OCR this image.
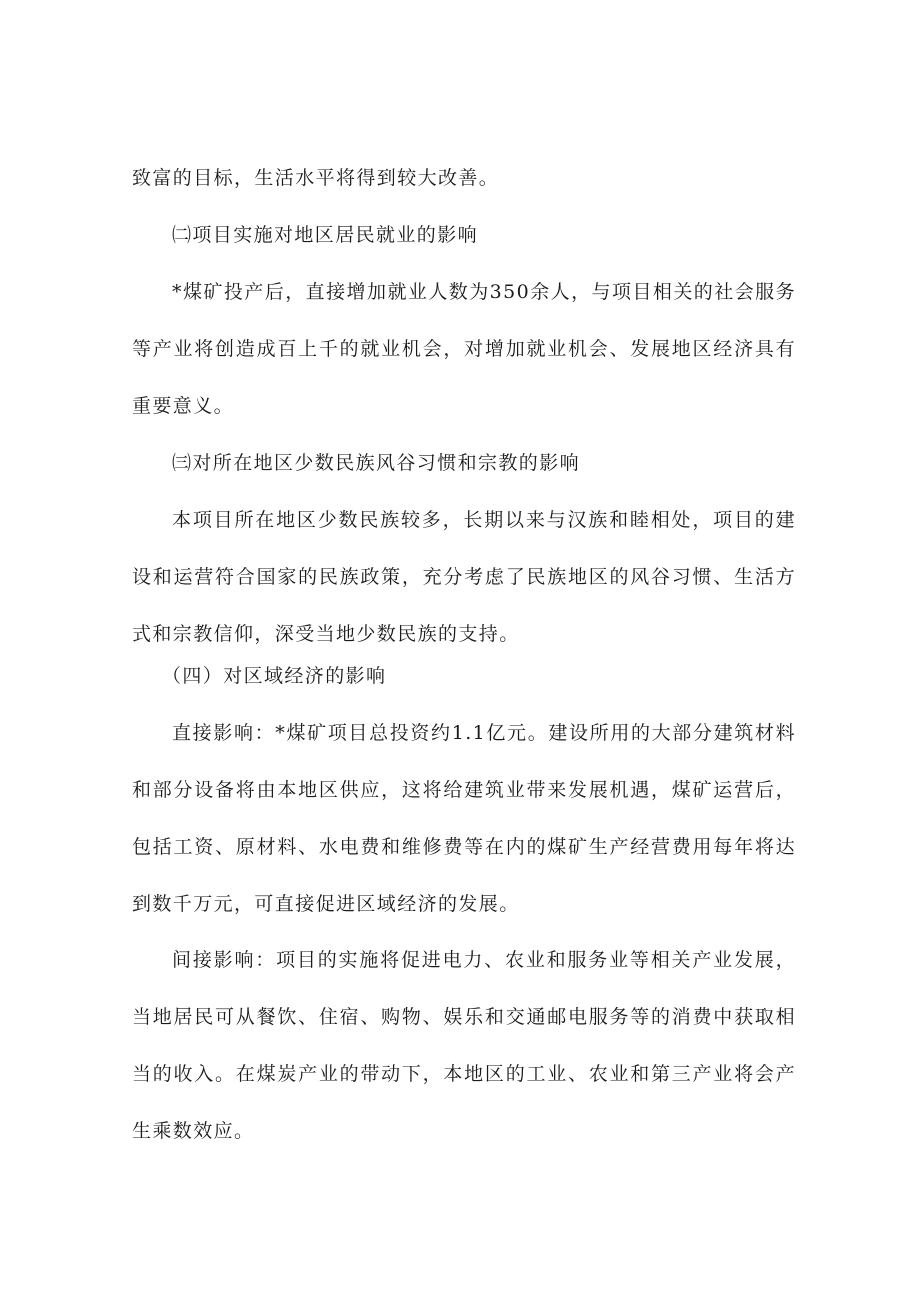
致富的目标，生活水平将得到较大改善。

㈡项目实施对地区居民就业的影响

*煤矿投产后，直接增加就业人数为350余人，与项目相关的社会服务等产业将创造成百上千的就业机会，对增加就业机会、发展地区经济具有重要意义。

㈢对所在地区少数民族风谷习惯和宗教的影响

本项目所在地区少数民族较多，长期以来与汉族和睦相处，项目的建设和运营符合国家的民族政策，充分考虑了民族地区的风谷习惯、生活方式和宗教信仰，深受当地少数民族的支持。

（四）对区域经济的影响

直接影响：*煤矿项目总投资约1.1亿元。建设所用的大部分建筑材料和部分设备将由本地区供应，这将给建筑业带来发展机遇，煤矿运营后，包括工资、原材料、水电费和维修费等在内的煤矿生产经营费用每年将达到数千万元，可直接促进区域经济的发展。

间接影响：项目的实施将促进电力、农业和服务业等相关产业发展，当地居民可从餐饮、住宿、购物、娱乐和交通邮电服务等的消费中获取相当的收入。在煤炭产业的带动下，本地区的工业、农业和第三产业将会产生乘数效应。
